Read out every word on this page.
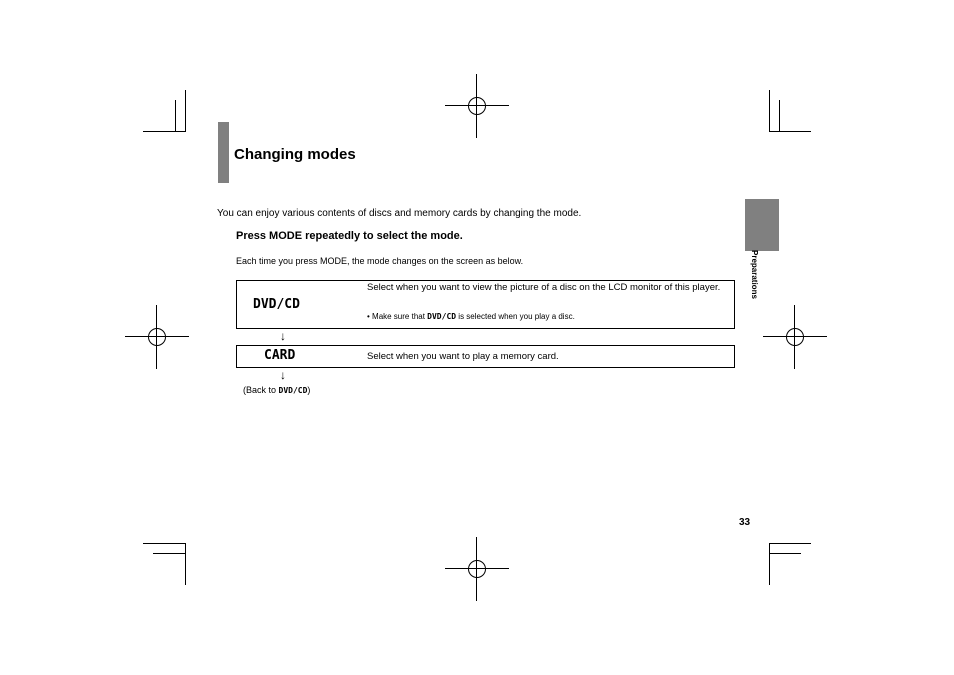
Changing modes
Preparations
You can enjoy various contents of discs and memory cards by changing the mode.
Press MODE repeatedly to select the mode.
Each time you press MODE, the mode changes on the screen as below.
DVD/CD
Select when you want to view the picture of a disc on the LCD monitor of this player.
• Make sure that DVD/CD is selected when you play a disc.
↓
CARD	Select when you want to play a memory card.
↓
(Back to DVD/CD)
33
